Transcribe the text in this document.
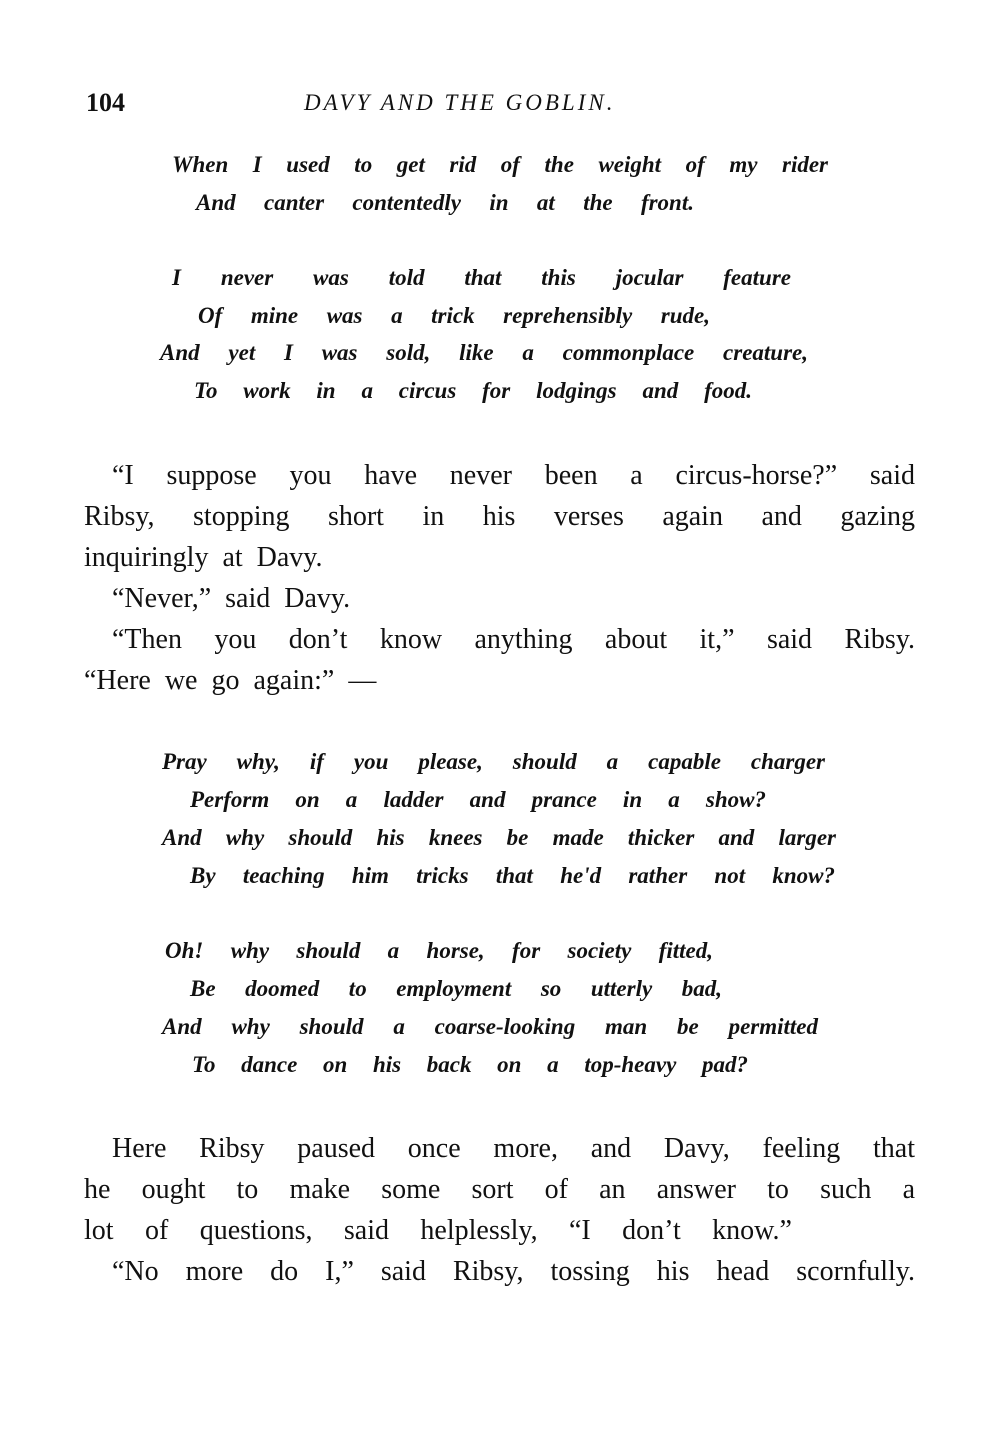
104	DAVY AND THE GOBLIN.
When I used to get rid of the weight of my rider
And canter contentedly in at the front.
I never was told that this jocular feature
Of mine was a trick reprehensibly rude,
And yet I was sold, like a commonplace creature,
To work in a circus for lodgings and food.
“I suppose you have never been a circus-horse?” said
Ribsy, stopping short in his verses again and gazing
inquiringly at Davy.
“Never,” said Davy.
“Then you don’t know anything about it,” said Ribsy.
“Here we go again:” —
Pray why, if you please, should a capable charger
Perform on a ladder and prance in a show?
And why should his knees be made thicker and larger
By teaching him tricks that he'd rather not know?
Oh! why should a horse, for society fitted,
Be doomed to employment so utterly bad,
And why should a coarse-looking man be permitted
To dance on his back on a top-heavy pad?
Here Ribsy paused once more, and Davy, feeling that
he ought to make some sort of an answer to such a
lot of questions, said helplessly, “I don’t know.”
“No more do I,” said Ribsy, tossing his head scornfully.
